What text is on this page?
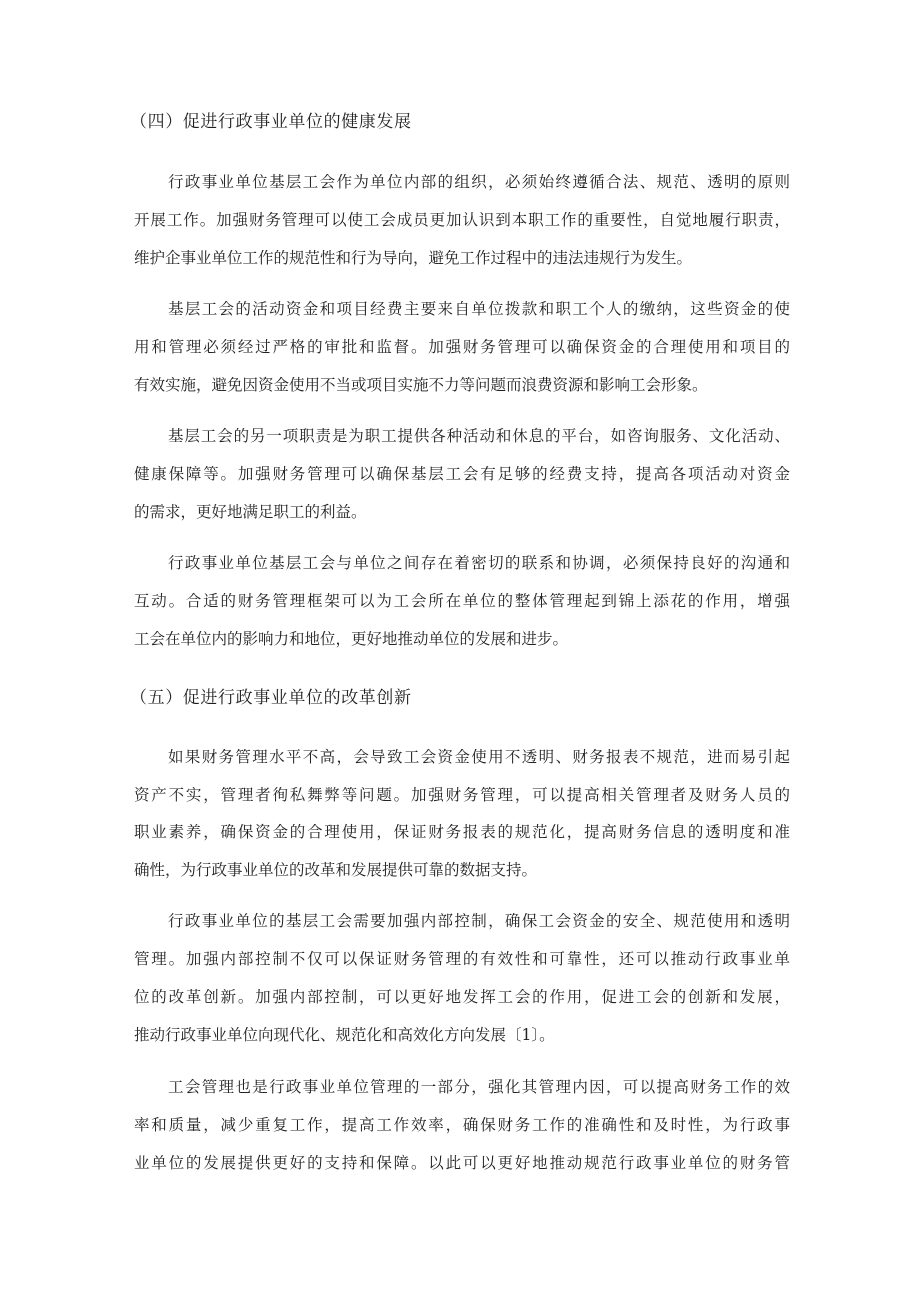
（四）促进行政事业单位的健康发展
行政事业单位基层工会作为单位内部的组织，必须始终遵循合法、规范、透明的原则
开展工作。加强财务管理可以使工会成员更加认识到本职工作的重要性，自觉地履行职责，
维护企事业单位工作的规范性和行为导向，避免工作过程中的违法违规行为发生。
基层工会的活动资金和项目经费主要来自单位拨款和职工个人的缴纳，这些资金的使
用和管理必须经过严格的审批和监督。加强财务管理可以确保资金的合理使用和项目的
有效实施，避免因资金使用不当或项目实施不力等问题而浪费资源和影响工会形象。
基层工会的另一项职责是为职工提供各种活动和休息的平台，如咨询服务、文化活动、
健康保障等。加强财务管理可以确保基层工会有足够的经费支持，提高各项活动对资金
的需求，更好地满足职工的利益。
行政事业单位基层工会与单位之间存在着密切的联系和协调，必须保持良好的沟通和
互动。合适的财务管理框架可以为工会所在单位的整体管理起到锦上添花的作用，增强
工会在单位内的影响力和地位，更好地推动单位的发展和进步。
（五）促进行政事业单位的改革创新
如果财务管理水平不高，会导致工会资金使用不透明、财务报表不规范，进而易引起
资产不实，管理者徇私舞弊等问题。加强财务管理，可以提高相关管理者及财务人员的
职业素养，确保资金的合理使用，保证财务报表的规范化，提高财务信息的透明度和准
确性，为行政事业单位的改革和发展提供可靠的数据支持。
行政事业单位的基层工会需要加强内部控制，确保工会资金的安全、规范使用和透明
管理。加强内部控制不仅可以保证财务管理的有效性和可靠性，还可以推动行政事业单
位的改革创新。加强内部控制，可以更好地发挥工会的作用，促进工会的创新和发展，
推动行政事业单位向现代化、规范化和高效化方向发展〔1〕。
工会管理也是行政事业单位管理的一部分，强化其管理内因，可以提高财务工作的效
率和质量，减少重复工作，提高工作效率，确保财务工作的准确性和及时性，为行政事
业单位的发展提供更好的支持和保障。以此可以更好地推动规范行政事业单位的财务管
